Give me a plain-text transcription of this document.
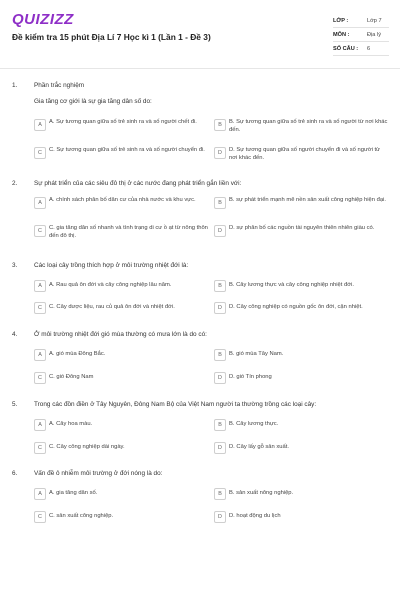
QUIZIZZ
Đề kiểm tra 15 phút Địa Lí 7 Học kì 1 (Lần 1 - Đề 3)
LỚP :	Lớp 7
MÔN :	Địa lý
SỐ CÂU : 6
1.	Phần trắc nghiệm
Gia tăng cơ giới là sự gia tăng dân số do:
A	A. Sự tương quan giữa số trẻ sinh ra và số người chết đi.	B	B. Sự tương quan giữa số trẻ sinh ra và số người từ nơi khác đến.
C	C. Sự tương quan giữa số trẻ sinh ra và số người chuyển đi.	D	D. Sự tương quan giữa số người chuyển đi và số người từ nơi khác đến.
2.	Sự phát triển của các siêu đô thị ở các nước đang phát triển gắn liền với:
A	A. chính sách phân bố dân cư của nhà nước và khu vực.	B	B. sự phát triển mạnh mẽ nền sản xuất công nghiệp hiện đại.
C	C. gia tăng dân số nhanh và tình trạng di cư ồ ạt từ nông thôn đến đô thị.
D	D. sự phân bố các nguồn tài nguyên thiên nhiên giàu có.
3.	Các loại cây trồng thích hợp ở môi trường nhiệt đới là:
A	A. Rau quả ôn đới và cây công nghiệp lâu năm.	B	B. Cây lương thực và cây công nghiệp nhiệt đới.
C	C. Cây dược liệu, rau củ quả ôn đới và nhiệt đới.	D	D. Cây công nghiệp có nguồn gốc ôn đới, cận nhiệt.
4.	Ở môi trường nhiệt đới gió mùa thường có mưa lớn là do có:
A	A. gió mùa Đông Bắc.	B	B. gió mùa Tây Nam.
C	C. gió Đông Nam	D	D. gió Tín phong
5.	Trong các đồn điền ở Tây Nguyên, Đông Nam Bộ của Việt Nam người ta thường trồng các loại cây:
A	A. Cây hoa màu.	B	B. Cây lương thực.
C	C. Cây công nghiệp dài ngày.	D	D. Cây lấy gỗ sản xuất.
6.	Vấn đề ô nhiễm môi trường ở đới nóng là do:
A	A. gia tăng dân số.	B	B. sản xuất nông nghiệp.
C	C. sản xuất công nghiệp.	D	D. hoạt động du lịch
